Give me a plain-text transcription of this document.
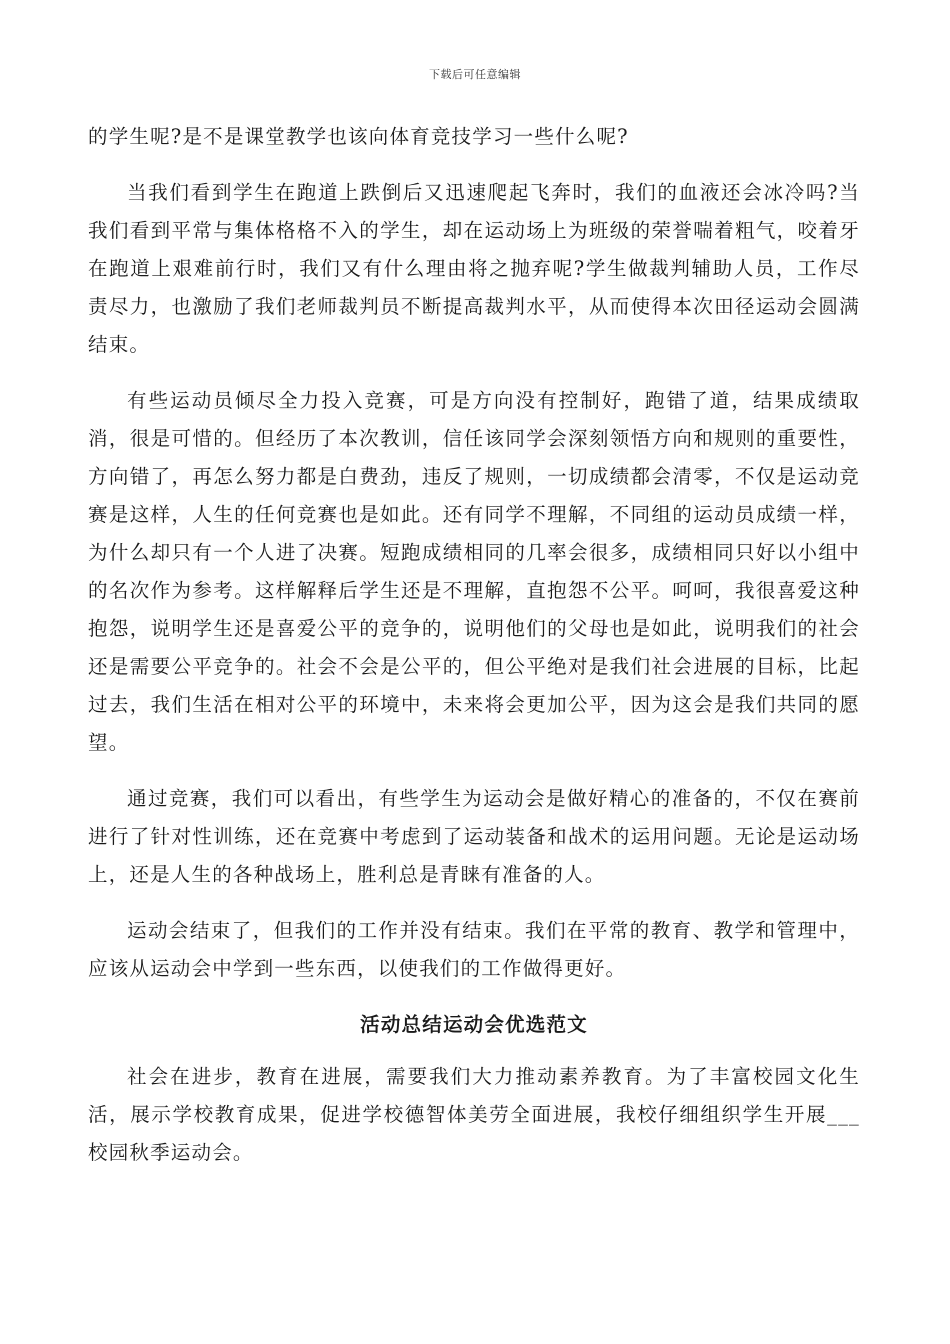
下载后可任意编辑

的学生呢?是不是课堂教学也该向体育竞技学习一些什么呢?

当我们看到学生在跑道上跌倒后又迅速爬起飞奔时，我们的血液还会冰冷吗?当我们看到平常与集体格格不入的学生，却在运动场上为班级的荣誉喘着粗气，咬着牙在跑道上艰难前行时，我们又有什么理由将之抛弃呢?学生做裁判辅助人员，工作尽责尽力，也激励了我们老师裁判员不断提高裁判水平，从而使得本次田径运动会圆满结束。

有些运动员倾尽全力投入竞赛，可是方向没有控制好，跑错了道，结果成绩取消，很是可惜的。但经历了本次教训，信任该同学会深刻领悟方向和规则的重要性，方向错了，再怎么努力都是白费劲，违反了规则，一切成绩都会清零，不仅是运动竞赛是这样，人生的任何竞赛也是如此。还有同学不理解，不同组的运动员成绩一样，为什么却只有一个人进了决赛。短跑成绩相同的几率会很多，成绩相同只好以小组中的名次作为参考。这样解释后学生还是不理解，直抱怨不公平。呵呵，我很喜爱这种抱怨，说明学生还是喜爱公平的竞争的，说明他们的父母也是如此，说明我们的社会还是需要公平竞争的。社会不会是公平的，但公平绝对是我们社会进展的目标，比起过去，我们生活在相对公平的环境中，未来将会更加公平，因为这会是我们共同的愿望。

通过竞赛，我们可以看出，有些学生为运动会是做好精心的准备的，不仅在赛前进行了针对性训练，还在竞赛中考虑到了运动装备和战术的运用问题。无论是运动场上，还是人生的各种战场上，胜利总是青睐有准备的人。

运动会结束了，但我们的工作并没有结束。我们在平常的教育、教学和管理中，应该从运动会中学到一些东西，以使我们的工作做得更好。

活动总结运动会优选范文

社会在进步，教育在进展，需要我们大力推动素养教育。为了丰富校园文化生活，展示学校教育成果，促进学校德智体美劳全面进展，我校仔细组织学生开展___校园秋季运动会。
